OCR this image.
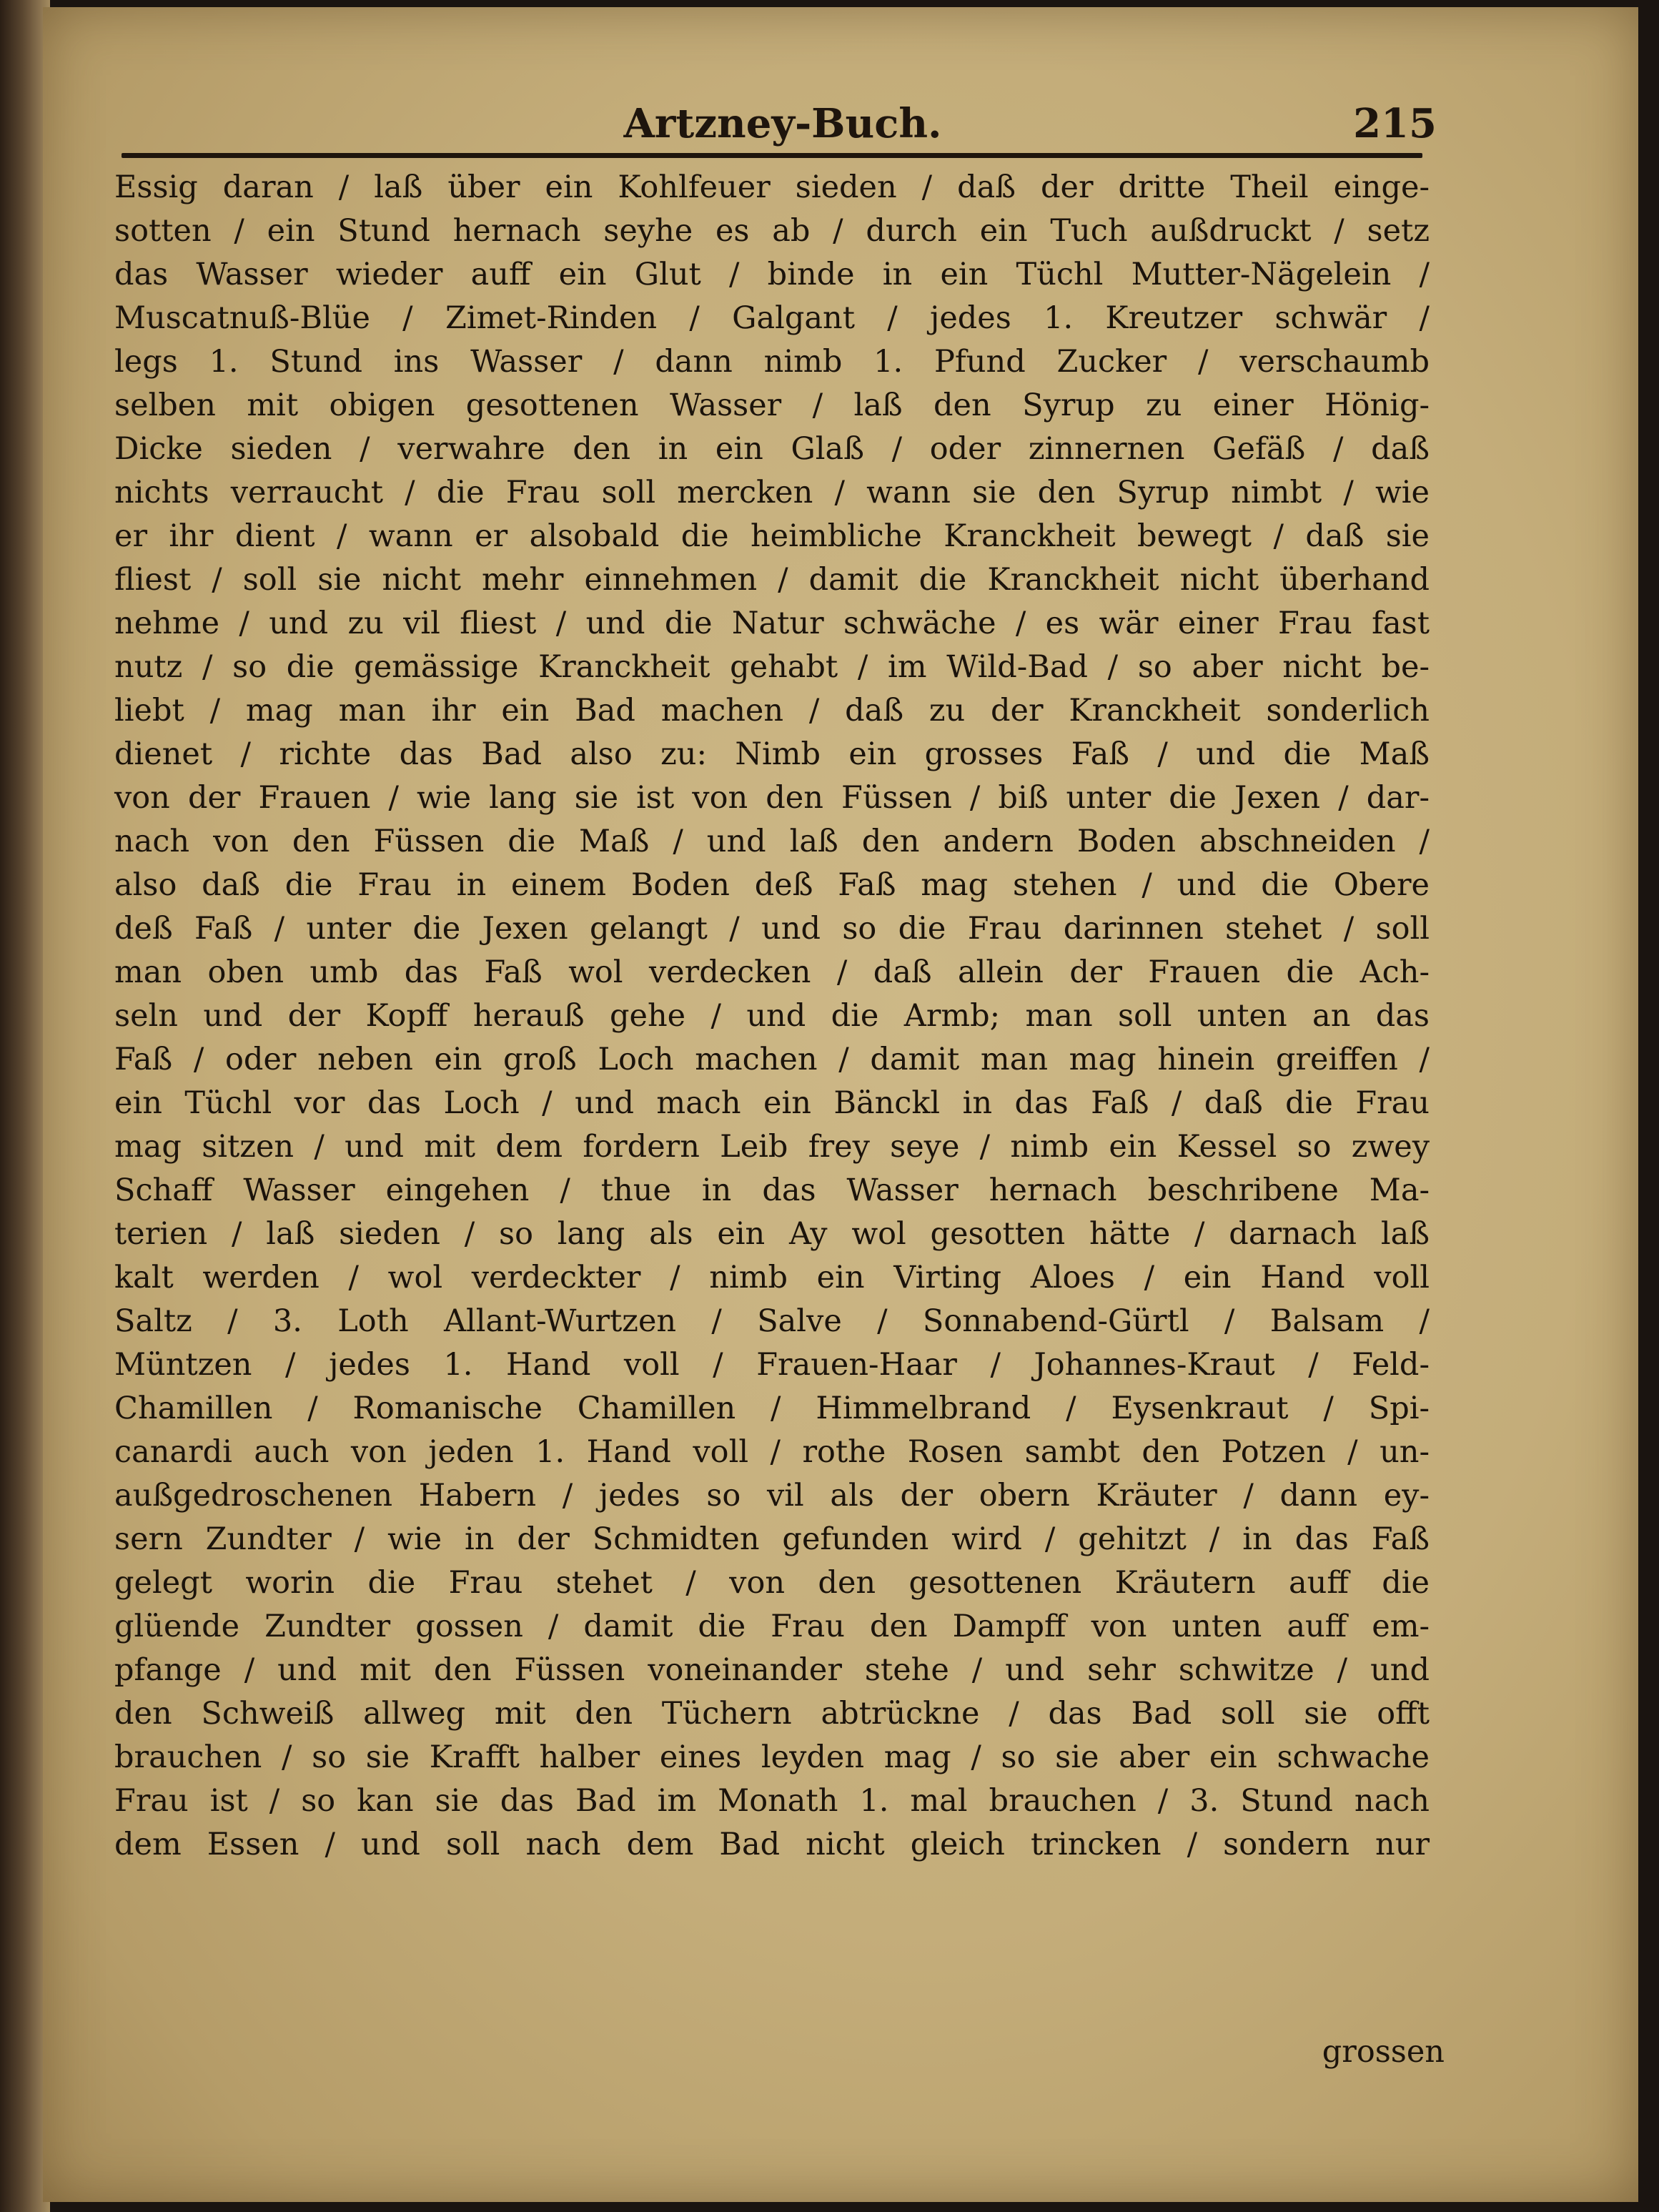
Artzney-Buch.	215
Essig daran / laß über ein Kohlfeuer sieden / daß der dritte Theil einge-
sotten / ein Stund hernach seyhe es ab / durch ein Tuch außdruckt / setz
das Wasser wieder auff ein Glut / binde in ein Tüchl Mutter-Nägelein /
Muscatnuß-Blüe / Zimet-Rinden / Galgant / jedes 1. Kreutzer schwär /
legs 1. Stund ins Wasser / dann nimb 1. Pfund Zucker / verschaumb
selben mit obigen gesottenen Wasser / laß den Syrup zu einer Hönig-
Dicke sieden / verwahre den in ein Glaß / oder zinnernen Gefäß / daß
nichts verraucht / die Frau soll mercken / wann sie den Syrup nimbt / wie
er ihr dient / wann er alsobald die heimbliche Kranckheit bewegt / daß sie
fliest / soll sie nicht mehr einnehmen / damit die Kranckheit nicht überhand
nehme / und zu vil fliest / und die Natur schwäche / es wär einer Frau fast
nutz / so die gemässige Kranckheit gehabt / im Wild-Bad / so aber nicht be-
liebt / mag man ihr ein Bad machen / daß zu der Kranckheit sonderlich
dienet / richte das Bad also zu: Nimb ein grosses Faß / und die Maß
von der Frauen / wie lang sie ist von den Füssen / biß unter die Jexen / dar-
nach von den Füssen die Maß / und laß den andern Boden abschneiden /
also daß die Frau in einem Boden deß Faß mag stehen / und die Obere
deß Faß / unter die Jexen gelangt / und so die Frau darinnen stehet / soll
man oben umb das Faß wol verdecken / daß allein der Frauen die Ach-
seln und der Kopff herauß gehe / und die Armb; man soll unten an das
Faß / oder neben ein groß Loch machen / damit man mag hinein greiffen /
ein Tüchl vor das Loch / und mach ein Bänckl in das Faß / daß die Frau
mag sitzen / und mit dem fordern Leib frey seye / nimb ein Kessel so zwey
Schaff Wasser eingehen / thue in das Wasser hernach beschribene Ma-
terien / laß sieden / so lang als ein Ay wol gesotten hätte / darnach laß
kalt werden / wol verdeckter / nimb ein Virting Aloes / ein Hand voll
Saltz / 3. Loth Allant-Wurtzen / Salve / Sonnabend-Gürtl / Balsam /
Müntzen / jedes 1. Hand voll / Frauen-Haar / Johannes-Kraut / Feld-
Chamillen / Romanische Chamillen / Himmelbrand / Eysenkraut / Spi-
canardi auch von jeden 1. Hand voll / rothe Rosen sambt den Potzen / un-
außgedroschenen Habern / jedes so vil als der obern Kräuter / dann ey-
sern Zundter / wie in der Schmidten gefunden wird / gehitzt / in das Faß
gelegt worin die Frau stehet / von den gesottenen Kräutern auff die
glüende Zundter gossen / damit die Frau den Dampff von unten auff em-
pfange / und mit den Füssen voneinander stehe / und sehr schwitze / und
den Schweiß allweg mit den Tüchern abtrückne / das Bad soll sie offt
brauchen / so sie Krafft halber eines leyden mag / so sie aber ein schwache
Frau ist / so kan sie das Bad im Monath 1. mal brauchen / 3. Stund nach
dem Essen / und soll nach dem Bad nicht gleich trincken / sondern nur
grossen
